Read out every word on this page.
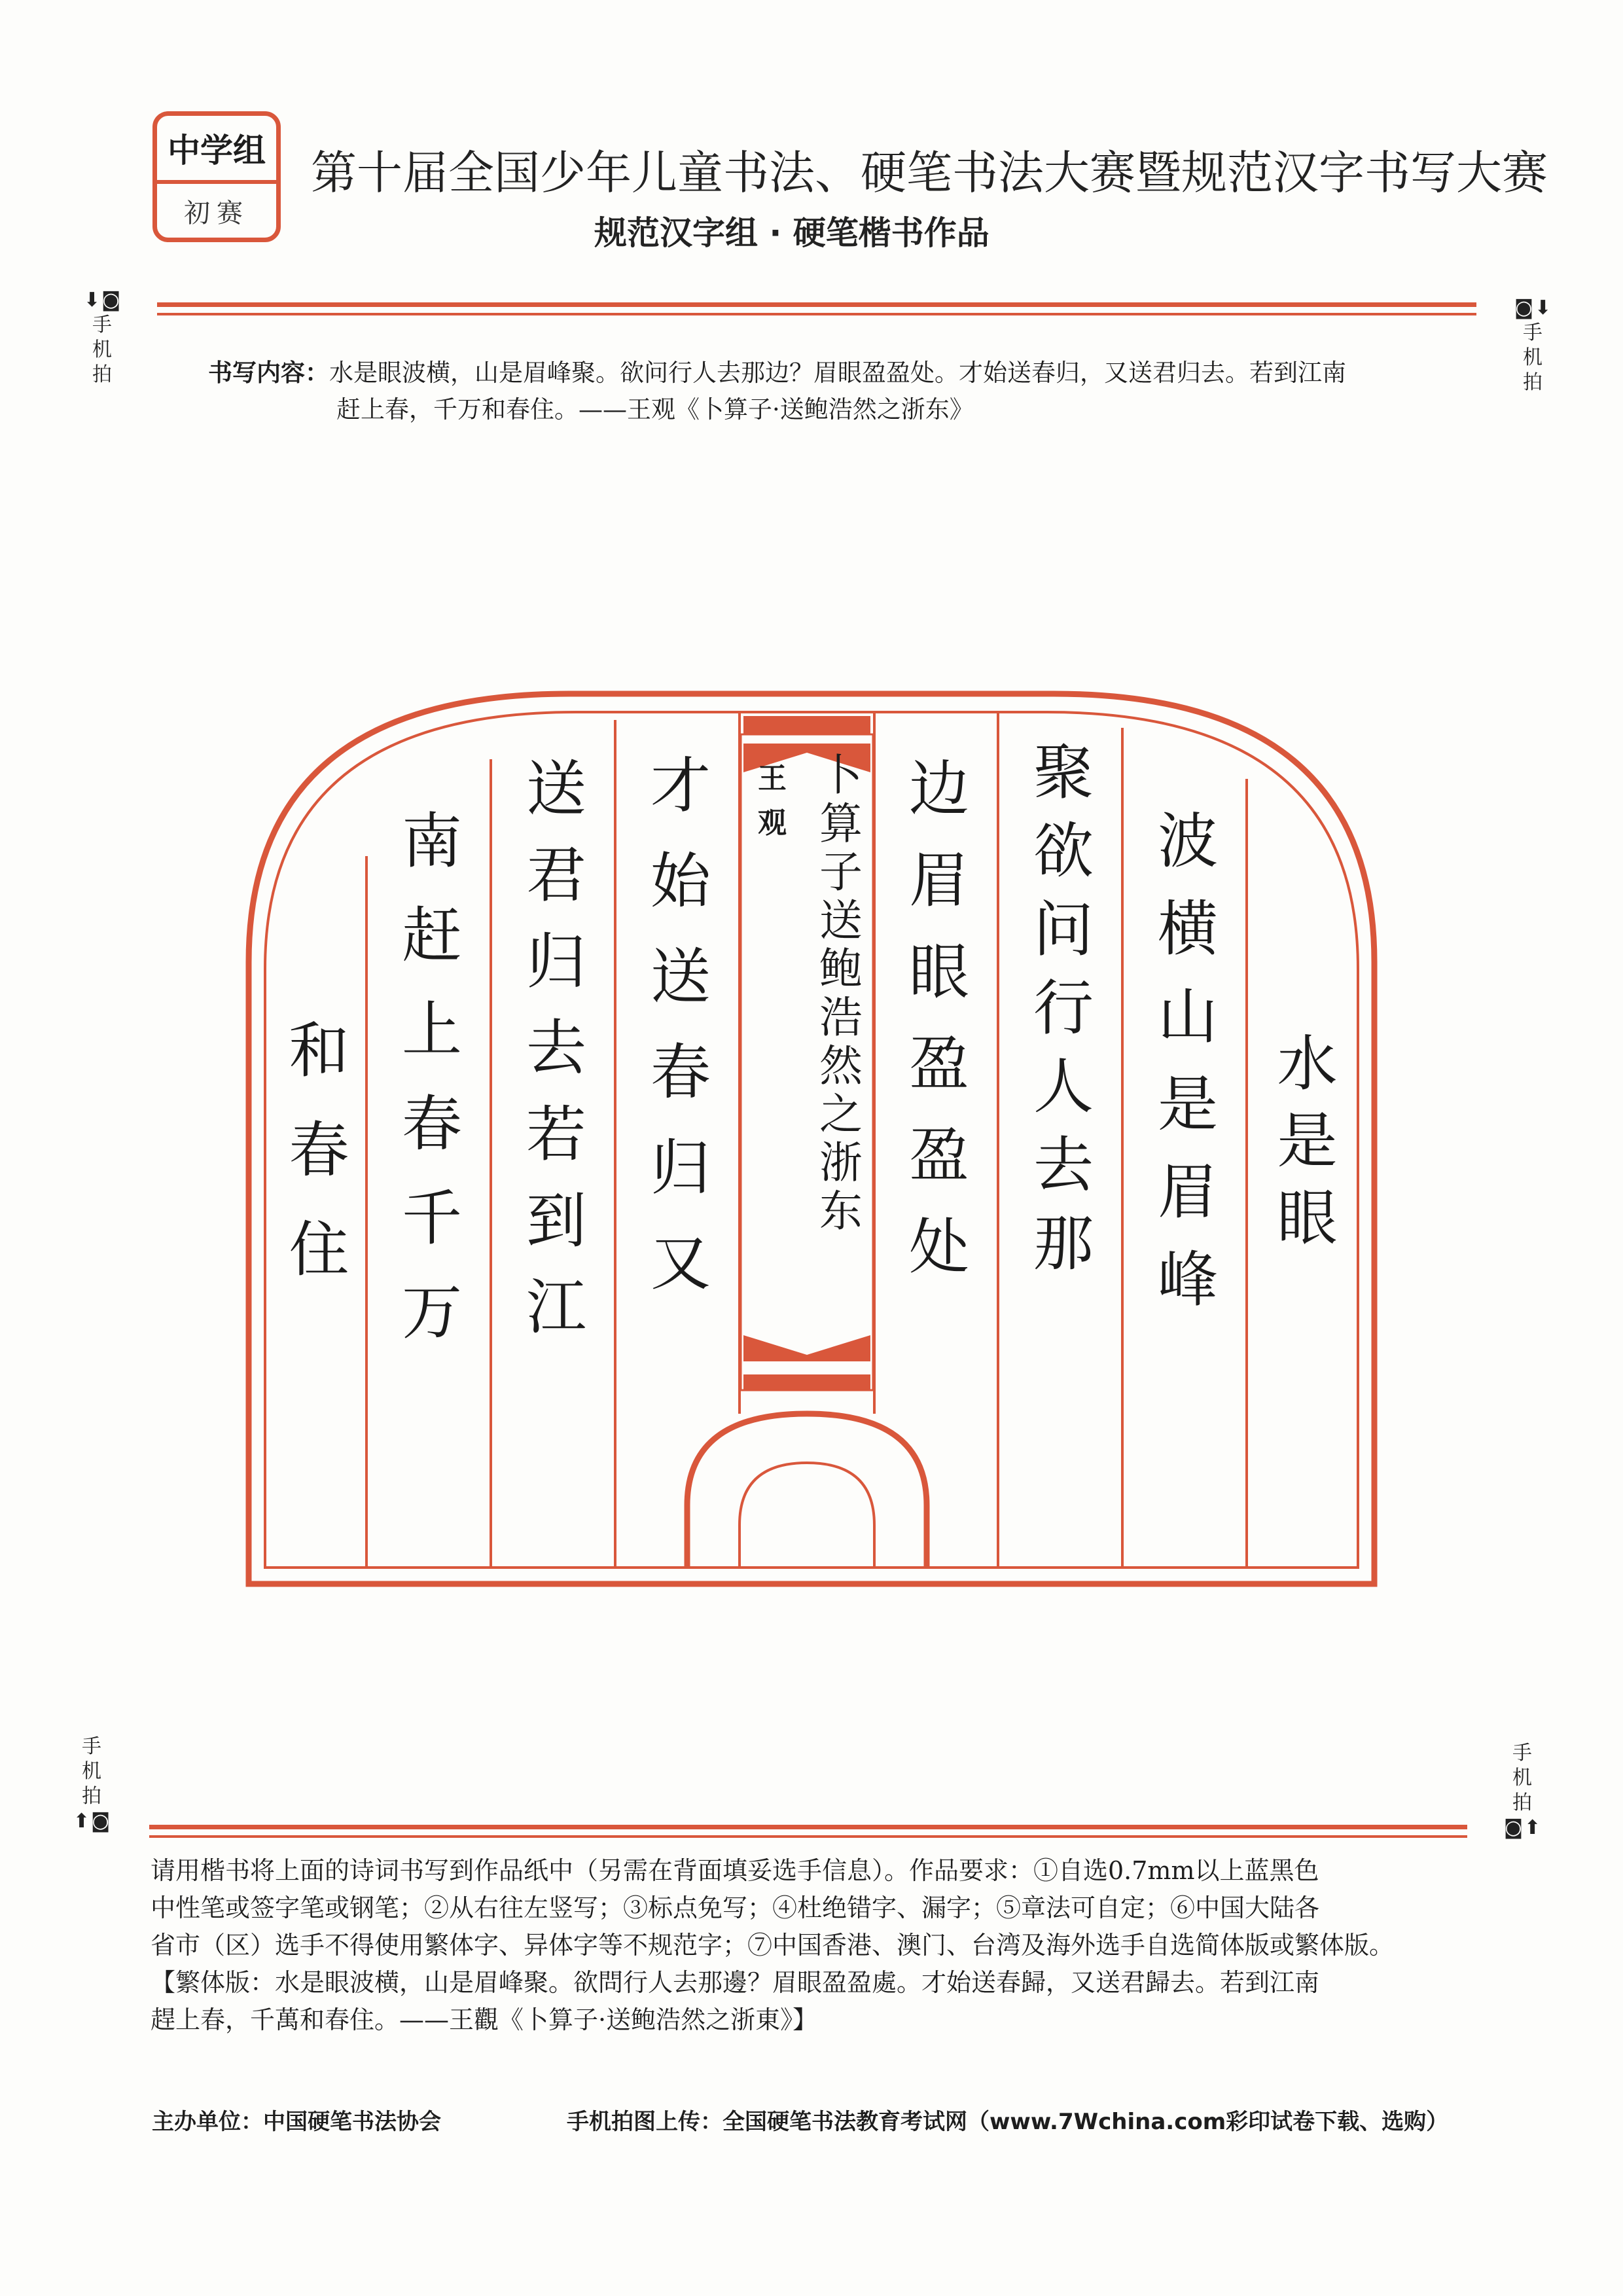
中学组
初赛
第十届全国少年儿童书法、硬笔书法大赛暨规范汉字书写大赛
规范汉字组 · 硬笔楷书作品
⬇◙
手
机
拍
◙⬇
手
机
拍
书写内容：水是眼波横，山是眉峰聚。欲问行人去那边？眉眼盈盈处。才始送春归，又送君归去。若到江南
赶上春，千万和春住。——王观《卜算子·送鲍浩然之浙东》
水
是
眼
波
横
山
是
眉
峰
聚
欲
问
行
人
去
那
边
眉
眼
盈
盈
处
卜
算
子
送
鲍
浩
然
之
浙
东
王
观
才
始
送
春
归
又
送
君
归
去
若
到
江
南
赶
上
春
千
万
和
春
住
手
机
拍
⬆◙
手
机
拍
◙⬆
请用楷书将上面的诗词书写到作品纸中（另需在背面填妥选手信息）。作品要求：①自选0.7mm以上蓝黑色
中性笔或签字笔或钢笔；②从右往左竖写；③标点免写；④杜绝错字、漏字；⑤章法可自定；⑥中国大陆各
省市（区）选手不得使用繁体字、异体字等不规范字；⑦中国香港、澳门、台湾及海外选手自选简体版或繁体版。
【繁体版：水是眼波横，山是眉峰聚。欲問行人去那邊？眉眼盈盈處。才始送春歸，又送君歸去。若到江南
趕上春，千萬和春住。——王觀《卜算子·送鲍浩然之浙東》】
主办单位：中国硬笔书法协会	手机拍图上传：全国硬笔书法教育考试网（www.7Wchina.com彩印试卷下载、选购）
